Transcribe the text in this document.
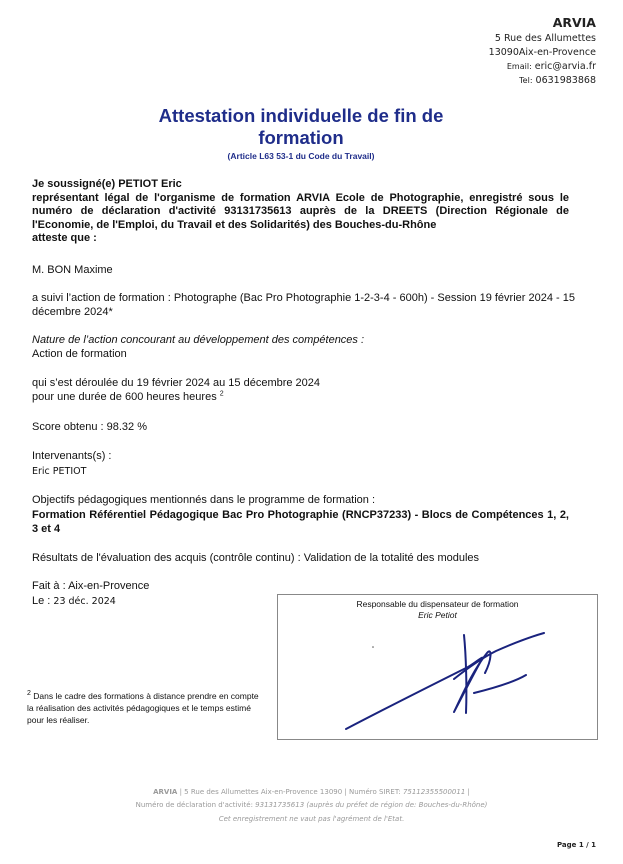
ARVIA
5 Rue des Allumettes
13090Aix-en-Provence
Email: eric@arvia.fr
Tel: 0631983868
Attestation individuelle de fin de
formation
(Article L63 53-1 du Code du Travail)
Je soussigné(e) PETIOT Eric
représentant légal de l'organisme de formation ARVIA Ecole de Photographie, enregistré sous le numéro de déclaration d'activité 93131735613 auprès de la DREETS (Direction Régionale de l'Economie, de l'Emploi, du Travail et des Solidarités) des Bouches-du-Rhône
atteste que :
M. BON Maxime
a suivi l’action de formation : Photographe (Bac Pro Photographie 1-2-3-4 - 600h) - Session 19 février 2024 - 15 décembre 2024*
Nature de l’action concourant au développement des compétences :
Action de formation
qui s’est déroulée du 19 février 2024 au 15 décembre 2024
pour une durée de 600 heures heures $^2$
Score obtenu : 98.32 %
Intervenants(s) :
Eric PETIOT
Objectifs pédagogiques mentionnés dans le programme de formation :
Formation Référentiel Pédagogique Bac Pro Photographie (RNCP37233) - Blocs de Compétences 1, 2, 3 et 4
Résultats de l'évaluation des acquis (contrôle continu) : Validation de la totalité des modules
Fait à : Aix-en-Provence
Le : 23 déc. 2024
$^2$ Dans le cadre des formations à distance prendre en compte la réalisation des activités pédagogiques et le temps estimé pour les réaliser.
Responsable du dispensateur de formation
Eric Petiot
ARVIA | 5 Rue des Allumettes Aix-en-Provence 13090 | Numéro SIRET: 75112355500011 |
Numéro de déclaration d'activité: 93131735613 (auprès du préfet de région de: Bouches-du-Rhône)
Cet enregistrement ne vaut pas l'agrément de l'Etat.
Page 1 / 1
